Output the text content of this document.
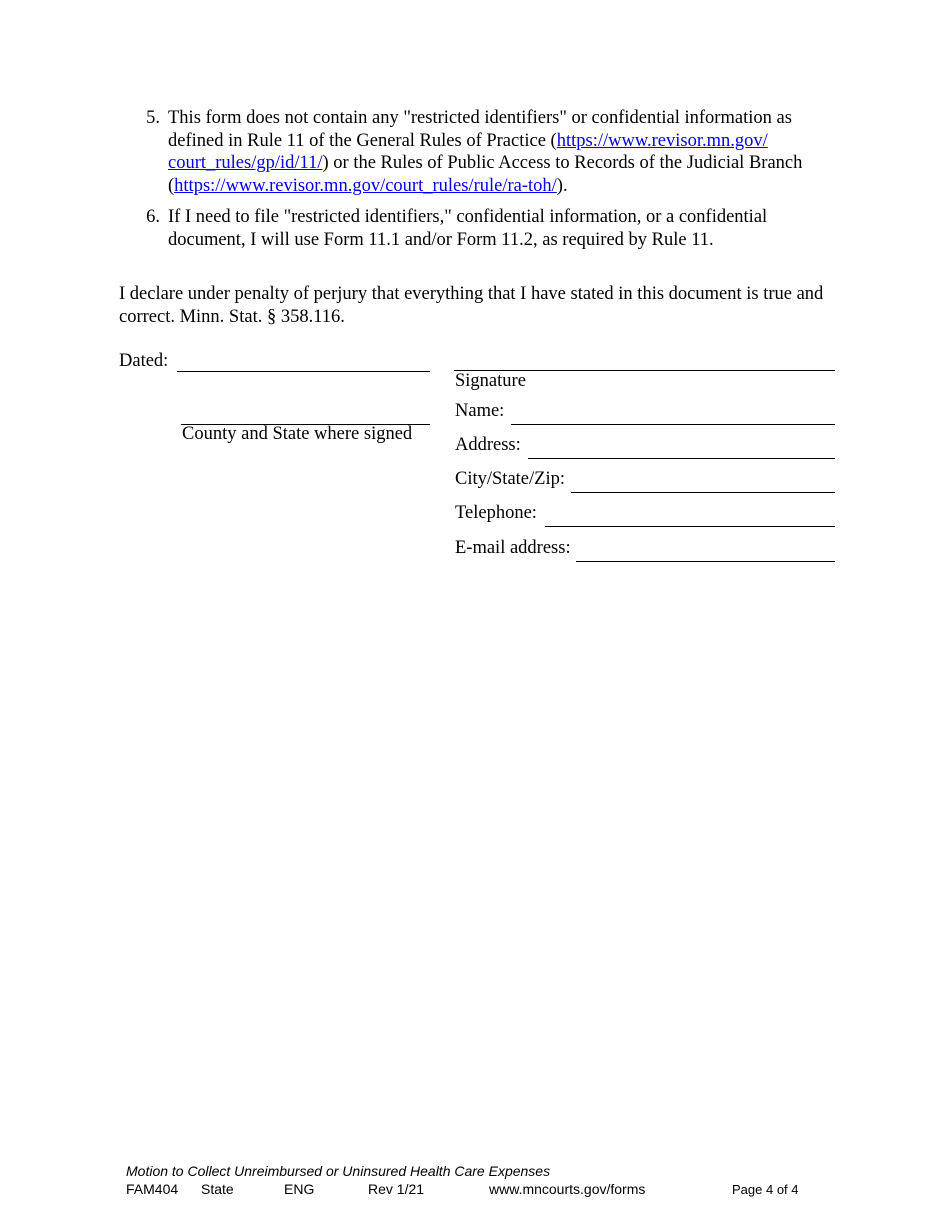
5. This form does not contain any "restricted identifiers" or confidential information as
defined in Rule 11 of the General Rules of Practice (https://www.revisor.mn.gov/
court_rules/gp/id/11/) or the Rules of Public Access to Records of the Judicial Branch
(https://www.revisor.mn.gov/court_rules/rule/ra-toh/).
6. If I need to file "restricted identifiers," confidential information, or a confidential
document, I will use Form 11.1 and/or Form 11.2, as required by Rule 11.
I declare under penalty of perjury that everything that I have stated in this document is true and
correct. Minn. Stat. § 358.116.
Dated:
County and State where signed
Signature
Name:
Address:
City/State/Zip:
Telephone:
E-mail address:
Motion to Collect Unreimbursed or Uninsured Health Care Expenses
FAM404 State	ENG	Rev 1/21	www.mncourts.gov/forms	Page 4 of 4
